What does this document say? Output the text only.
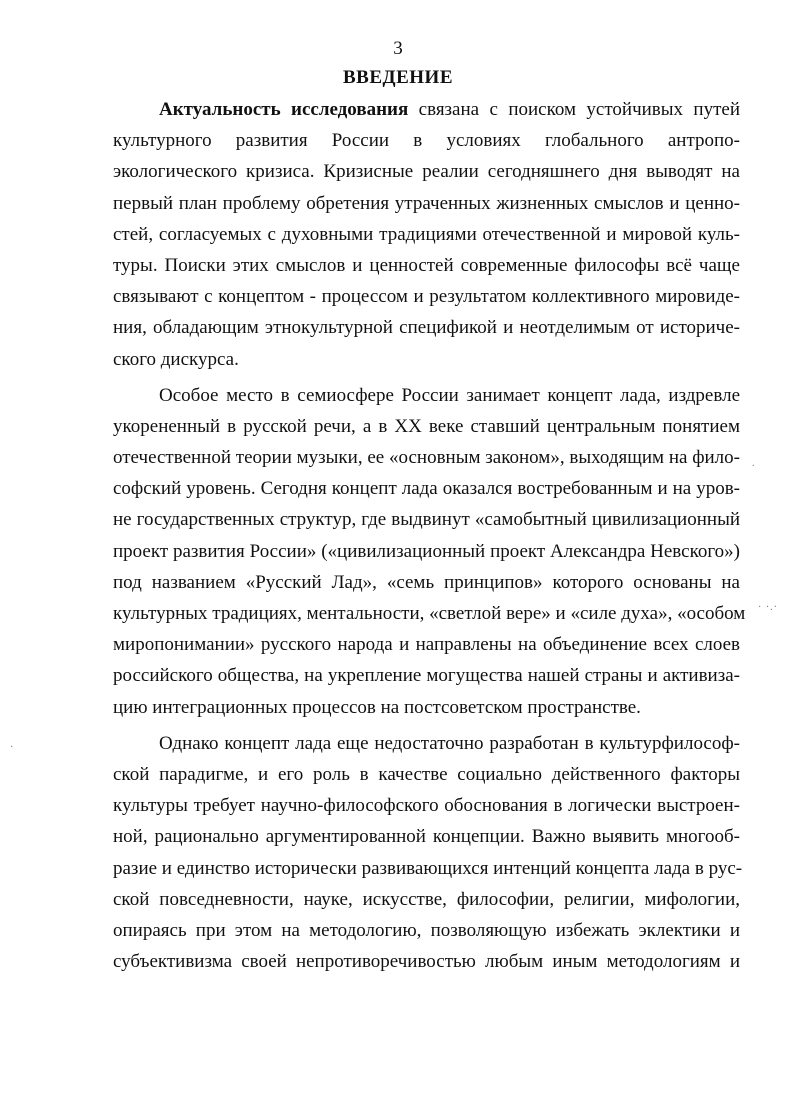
3
ВВЕДЕНИЕ
Актуальность исследования связана с поиском устойчивых путей
культурного развития России в условиях глобального антропо-
экологического кризиса. Кризисные реалии сегодняшнего дня выводят на
первый план проблему обретения утраченных жизненных смыслов и ценно-
стей, согласуемых с духовными традициями отечественной и мировой куль-
туры. Поиски этих смыслов и ценностей современные философы всё чаще
связывают с концептом - процессом и результатом коллективного мировиде-
ния, обладающим этнокультурной спецификой и неотделимым от историче-
ского дискурса.
Особое место в семиосфере России занимает концепт лада, издревле
укорененный в русской речи, а в XX веке ставший центральным понятием
отечественной теории музыки, ее «основным законом», выходящим на фило-
софский уровень. Сегодня концепт лада оказался востребованным и на уров-
не государственных структур, где выдвинут «самобытный цивилизационный
проект развития России» («цивилизационный проект Александра Невского»)
под названием «Русский Лад», «семь принципов» которого основаны на
культурных традициях, ментальности, «светлой вере» и «силе духа», «особом
миропонимании» русского народа и направлены на объединение всех слоев
российского общества, на укрепление могущества нашей страны и активиза-
цию интеграционных процессов на постсоветском пространстве.
Однако концепт лада еще недостаточно разработан в культурфилософ-
ской парадигме, и его роль в качестве социально действенного факторы
культуры требует научно-философского обоснования в логически выстроен-
ной, рационально аргументированной концепции. Важно выявить многооб-
разие и единство исторически развивающихся интенций концепта лада в рус-
ской повседневности, науке, искусстве, философии, религии, мифологии,
опираясь при этом на методологию, позволяющую избежать эклектики и
субъективизма своей непротиворечивостью любым иным методологиям и
.
· ·.·
·
